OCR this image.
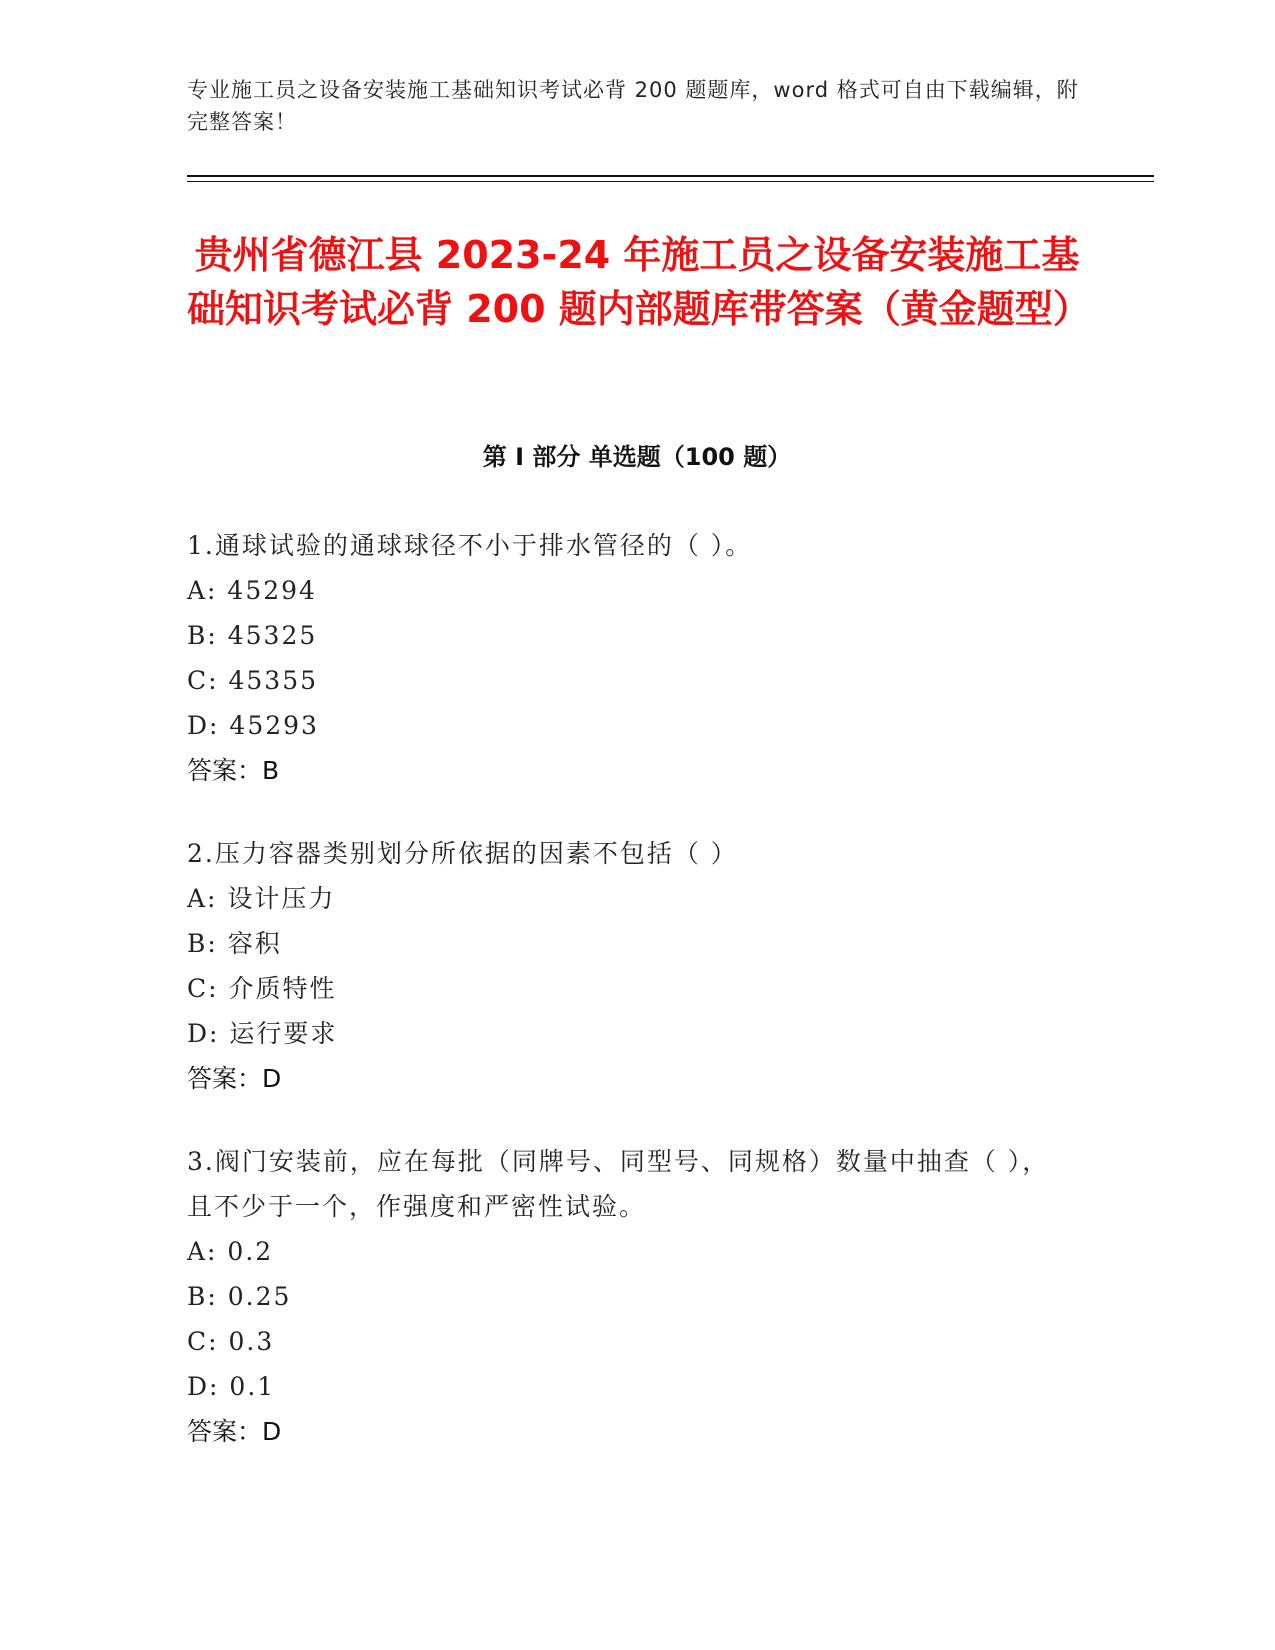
专业施工员之设备安装施工基础知识考试必背 200 题题库，word 格式可自由下载编辑，附完整答案！
贵州省德江县 2023-24 年施工员之设备安装施工基础知识考试必背 200 题内部题库带答案（黄金题型）
第 I 部分 单选题（100 题）
1.通球试验的通球球径不小于排水管径的（ ）。
A: 45294
B: 45325
C: 45355
D: 45293
答案：B
2.压力容器类别划分所依据的因素不包括（ ）
A: 设计压力
B: 容积
C: 介质特性
D: 运行要求
答案：D
3.阀门安装前，应在每批（同牌号、同型号、同规格）数量中抽查（ ），且不少于一个，作强度和严密性试验。
A: 0.2
B: 0.25
C: 0.3
D: 0.1
答案：D
